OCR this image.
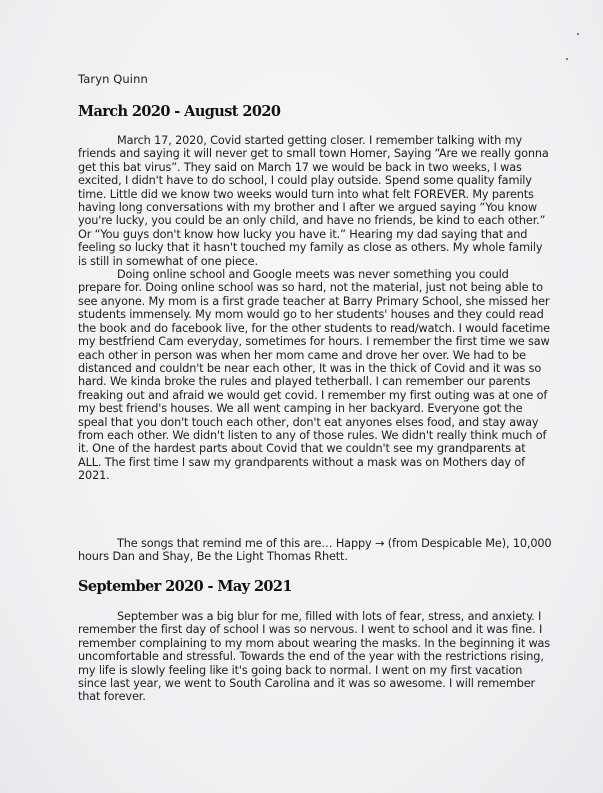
Taryn Quinn
March 2020 - August 2020

March 17, 2020, Covid started getting closer. I remember talking with my friends and saying it will never get to small town Homer, Saying “Are we really gonna get this bat virus”. They said on March 17 we would be back in two weeks, I was excited, I didn't have to do school, I could play outside. Spend some quality family time. Little did we know two weeks would turn into what felt FOREVER. My parents having long conversations with my brother and I after we argued saying “You know you're lucky, you could be an only child, and have no friends, be kind to each other.” Or “You guys don't know how lucky you have it.” Hearing my dad saying that and feeling so lucky that it hasn't touched my family as close as others. My whole family is still in somewhat of one piece.

Doing online school and Google meets was never something you could prepare for. Doing online school was so hard, not the material, just not being able to see anyone. My mom is a first grade teacher at Barry Primary School, she missed her students immensely. My mom would go to her students' houses and they could read the book and do facebook live, for the other students to read/watch. I would facetime my bestfriend Cam everyday, sometimes for hours. I remember the first time we saw each other in person was when her mom came and drove her over. We had to be distanced and couldn't be near each other, It was in the thick of Covid and it was so hard. We kinda broke the rules and played tetherball. I can remember our parents freaking out and afraid we would get covid. I remember my first outing was at one of my best friend's houses. We all went camping in her backyard. Everyone got the speal that you don't touch each other, don't eat anyones elses food, and stay away from each other. We didn't listen to any of those rules. We didn't really think much of it. One of the hardest parts about Covid that we couldn't see my grandparents at ALL. The first time I saw my grandparents without a mask was on Mothers day of 2021.

The songs that remind me of this are… Happy → (from Despicable Me), 10,000 hours Dan and Shay, Be the Light Thomas Rhett.
September 2020 - May 2021

September was a big blur for me, filled with lots of fear, stress, and anxiety. I remember the first day of school I was so nervous. I went to school and it was fine. I remember complaining to my mom about wearing the masks. In the beginning it was uncomfortable and stressful. Towards the end of the year with the restrictions rising, my life is slowly feeling like it's going back to normal. I went on my first vacation since last year, we went to South Carolina and it was so awesome. I will remember that forever.
